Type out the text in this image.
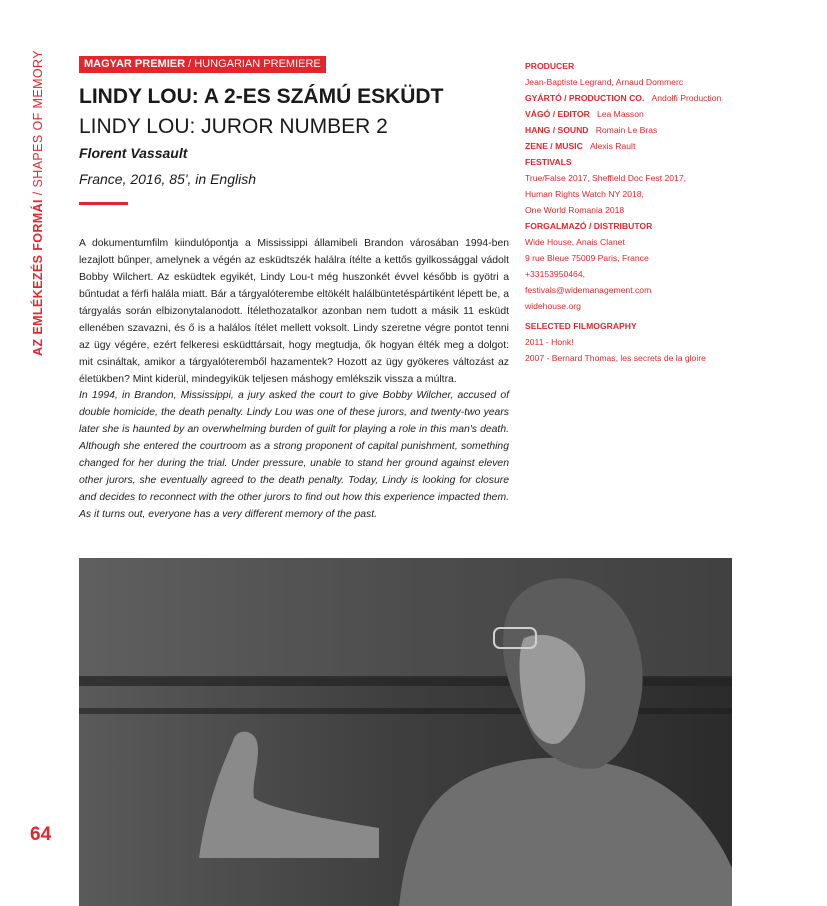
AZ EMLÉKEZÉS FORMÁI / SHAPES OF MEMORY
64
MAGYAR PREMIER / HUNGARIAN PREMIERE
LINDY LOU: A 2-ES SZÁMÚ ESKÜDT
LINDY LOU: JUROR NUMBER 2
Florent Vassault
France, 2016, 85', in English

A dokumentumfilm kiindulópontja a Mississippi államibeli Brandon városában 1994-ben lezajlott bűnper, amelynek a végén az esküdtszék halálra ítélte a kettős gyilkossággal vádolt Bobby Wilchert. Az esküdtek egyikét, Lindy Lou-t még huszonkét évvel később is gyötri a bűntudat a férfi halála miatt. Bár a tárgyalóterembe eltökélt halálbüntetéspártiként lépett be, a tárgyalás során elbizonytalanodott. Ítélethozatalkor azonban nem tudott a másik 11 esküdt ellenében szavazni, és ő is a halálos ítélet mellett voksolt. Lindy szeretne végre pontot tenni az ügy végére, ezért felkeresi esküdttársait, hogy megtudja, ők hogyan élték meg a dolgot: mit csináltak, amikor a tárgyalóteremből hazamentek? Hozott az ügy gyökeres változást az életükben? Mint kiderül, mindegyikük teljesen máshogy emlékszik vissza a múltra.

In 1994, in Brandon, Mississippi, a jury asked the court to give Bobby Wilcher, accused of double homicide, the death penalty. Lindy Lou was one of these jurors, and twenty-two years later she is haunted by an overwhelming burden of guilt for playing a role in this man's death. Although she entered the courtroom as a strong proponent of capital punishment, something changed for her during the trial. Under pressure, unable to stand her ground against eleven other jurors, she eventually agreed to the death penalty. Today, Lindy is looking for closure and decides to reconnect with the other jurors to find out how this experience impacted them. As it turns out, everyone has a very different memory of the past.

PRODUCER
Jean-Baptiste Legrand, Arnaud Dommerc
GYÁRTÓ / PRODUCTION CO. Andolfi Production
VÁGÓ / EDITOR Lea Masson
HANG / SOUND Romain Le Bras
ZENE / MUSIC Alexis Rault
FESTIVALS
True/False 2017, Sheffield Doc Fest 2017,
Human Rights Watch NY 2018,
One World Romania 2018
FORGALMAZÓ / DISTRIBUTOR
Wide House, Anais Clanet
9 rue Bleue 75009 Paris, France
+33153950464,
festivals@widemanagement.com
widehouse.org
SELECTED FILMOGRAPHY
2011 - Honk!
2007 - Bernard Thomas, les secrets de la gloire
